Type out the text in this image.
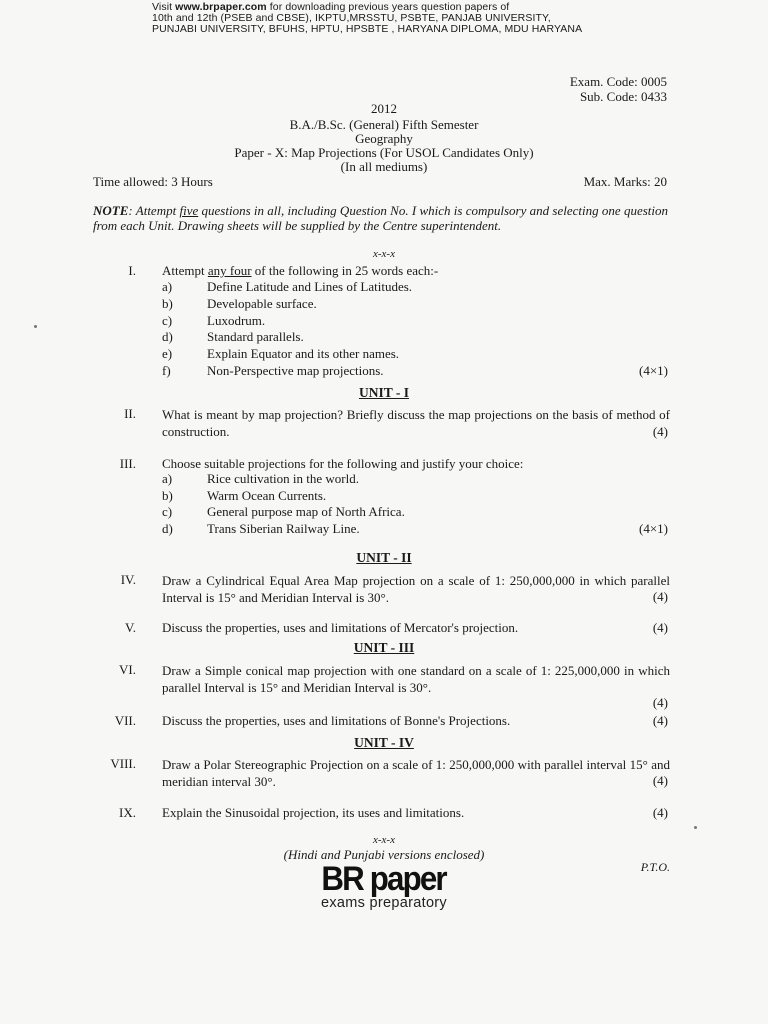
Visit www.brpaper.com for downloading previous years question papers of
10th and 12th (PSEB and CBSE), IKPTU,MRSSTU, PSBTE, PANJAB UNIVERSITY,
PUNJABI UNIVERSITY, BFUHS, HPTU, HPSBTE , HARYANA DIPLOMA, MDU HARYANA
Exam. Code: 0005
Sub. Code: 0433
2012
B.A./B.Sc. (General) Fifth Semester
Geography
Paper - X: Map Projections (For USOL Candidates Only)
(In all mediums)
Time allowed: 3 Hours	Max. Marks: 20
NOTE: Attempt five questions in all, including Question No. I which is compulsory and selecting one question from each Unit. Drawing sheets will be supplied by the Centre superintendent.
x-x-x
I. Attempt any four of the following in 25 words each:-
a)	Define Latitude and Lines of Latitudes.
b)	Developable surface.
c)	Luxodrum.
d)	Standard parallels.
e)	Explain Equator and its other names.
f)	Non-Perspective map projections.	(4×1)
UNIT - I
II. What is meant by map projection? Briefly discuss the map projections on the basis of method of construction.	(4)
III. Choose suitable projections for the following and justify your choice:
a)	Rice cultivation in the world.
b)	Warm Ocean Currents.
c)	General purpose map of North Africa.
d)	Trans Siberian Railway Line.	(4×1)
UNIT - II
IV. Draw a Cylindrical Equal Area Map projection on a scale of 1: 250,000,000 in which parallel Interval is 15° and Meridian Interval is 30°.	(4)
V. Discuss the properties, uses and limitations of Mercator's projection.	(4)
UNIT - III
VI. Draw a Simple conical map projection with one standard on a scale of 1: 225,000,000 in which parallel Interval is 15° and Meridian Interval is 30°.
(4)
VII. Discuss the properties, uses and limitations of Bonne's Projections.	(4)
UNIT - IV
VIII. Draw a Polar Stereographic Projection on a scale of 1: 250,000,000 with parallel interval 15° and meridian interval 30°.	(4)
IX. Explain the Sinusoidal projection, its uses and limitations.	(4)
x-x-x
(Hindi and Punjabi versions enclosed)
P.T.O.
BR paper
exams preparatory
